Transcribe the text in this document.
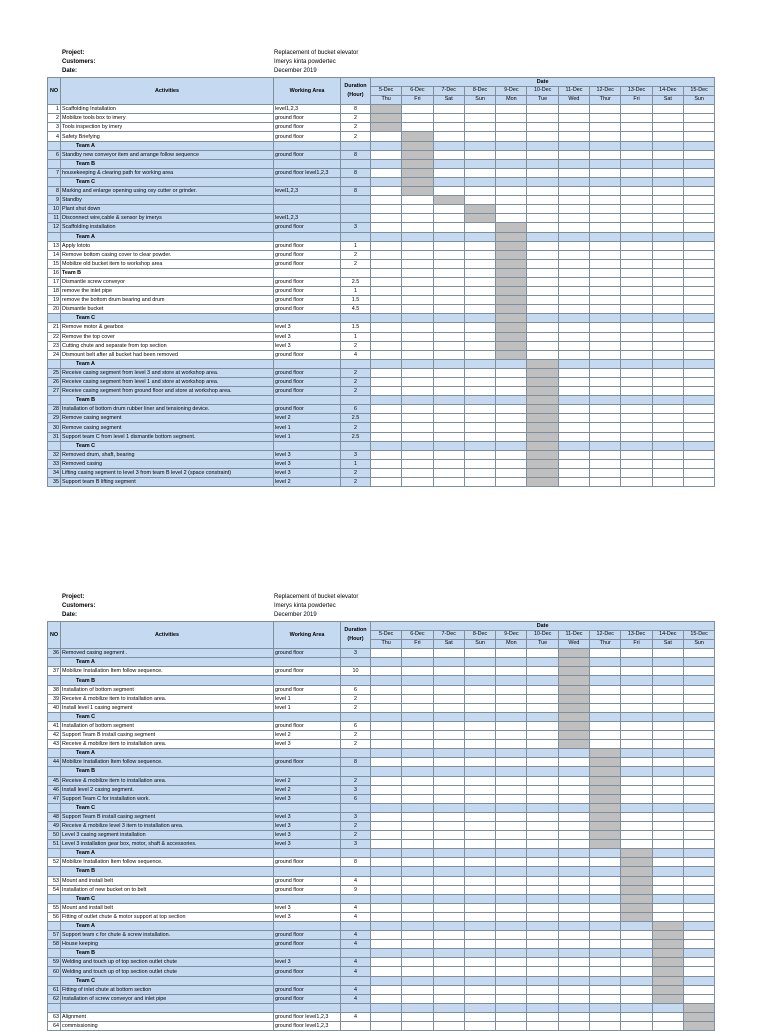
Project:	Replacement of bucket elevator
Customers:	Imerys kinta powdertec
Date:	December 2019
NO	Activities	Working Area	Duration
(Hour)	Date										
				5-Dec	6-Dec	7-Dec	8-Dec	9-Dec	10-Dec	11-Dec	12-Dec	13-Dec	14-Dec	15-Dec
				Thu	Fri	Sat	Sun	Mon	Tue	Wed	Thur	Fri	Sat	Sun
1	Scaffolding Installation	level1,2,3	8											
2	Mobilize tools box to imery	ground floor	2											
3	Tools inspection by imery	ground floor	2											
4	Safety Briefying	ground floor	2											
	Team A													
6	Standby new conveyor item and arrange follow sequence	ground floor	8											
	Team B													
7	housekeeping & clearing path for working area	ground floor level1,2,3	8											
	Team C													
8	Marking and enlarge opening using oxy cutter or grinder.	level1,2,3	8											
9	Standby													
10	Plant shut down													
11	Disconnect wire,cable & sensor by imerys	level1,2,3												
12	Scaffolding installation	ground floor	3											
	Team A													
13	Apply lototo	ground floor	1											
14	Remove bottom casing cover to clear powder.	ground floor	2											
15	Mobilize old bucket item to workshop area	ground floor	2											
16	Team B													
17	Dismantle screw conveyor	ground floor	2.5											
18	remove the inlet pipe	ground floor	1											
19	remove the bottom drum bearing and drum	ground floor	1.5											
20	Dismantle bucket	ground floor	4.5											
	Team C													
21	Remove motor & gearbox	level 3	1.5											
22	Remove the top cover	level 3	1											
23	Cutting chute and separate from top section	level 3	2											
24	Dismount belt after all bucket had been removed	ground floor	4											
	Team A													
25	Receive casing segment from level 3 and store at workshop area.	ground floor	2											
26	Receive casing segment from level 1 and store at workshop area.	ground floor	2											
27	Receive casing segment from ground floor and store at workshop area.	ground floor	2											
	Team B													
28	Installation of bottom drum rubber liner and tensioning device.	ground floor	6											
29	Remove casing segment	level 2	2.5											
30	Remove casing segment	level 1	2											
31	Support team C from level 1 dismantle bottom segment.	level 1	2.5											
	Team C													
32	Removed drum, shaft, bearing	level 3	3											
33	Removed casing	level 3	1											
34	Lifting casing segment to level 3 from team B level 2 (space constraint)	level 3	2											
35	Support team B lifting segment	level 2	2											
Project:	Replacement of bucket elevator
Customers:	Imerys kinta powdertec
Date:	December 2019
NO	Activities	Working Area	Duration
(Hour)	Date										
				5-Dec	6-Dec	7-Dec	8-Dec	9-Dec	10-Dec	11-Dec	12-Dec	13-Dec	14-Dec	15-Dec
				Thu	Fri	Sat	Sun	Mon	Tue	Wed	Thur	Fri	Sat	Sun
36	Removed casing segment .	ground floor	3											
	Team A													
37	Mobilize Installation Item follow sequence.	ground floor	10											
	Team B													
38	Installation of bottom segment	ground floor	6											
39	Receive & mobilize item to installation area.	level 1	2											
40	Install level 1 casing segment	level 1	2											
	Team C													
41	Installation of bottom segment	ground floor	6											
42	Support Team B install casing segment	level 2	2											
43	Receive & mobilize item to installation area.	level 3	2											
	Team A													
44	Mobilize Installation Item follow sequence.	ground floor	8											
	Team B													
45	Receive & mobilize item to installation area.	level 2	2											
46	Install level 2 casing segment.	level 2	3											
47	Support Team C for installation work.	level 3	6											
	Team C													
48	Support Team B install casing segment	level 3	3											
49	Receive & mobilize level 3 item to installation area.	level 3	2											
50	Level 3 casing segment installation	level 3	2											
51	Level 3 installation gear box, motor, shaft & accessories.	level 3	3											
	Team A													
52	Mobilize Installation Item follow sequence.	ground floor	8											
	Team B													
53	Mount and install belt	ground floor	4											
54	Installation of new bucket on to belt	ground floor	9											
	Team C													
55	Mount and install belt	level 3	4											
56	Fitting of outlet chute & motor support at top section	level 3	4											
	Team A													
57	Support team c for chute & screw installation.	ground floor	4											
58	House keeping	ground floor	4											
	Team B													
59	Welding and touch up of top section outlet chute	level 3	4											
60	Welding and touch up of top section outlet chute	ground floor	4											
	Team C													
61	Fitting of inlet chute at bottom section	ground floor	4											
62	Installation of screw conveyor and inlet pipe	ground floor	4											

63	Alignment	ground floor level1,2,3	4											
64	commissioning	ground floor level1,2,3												
